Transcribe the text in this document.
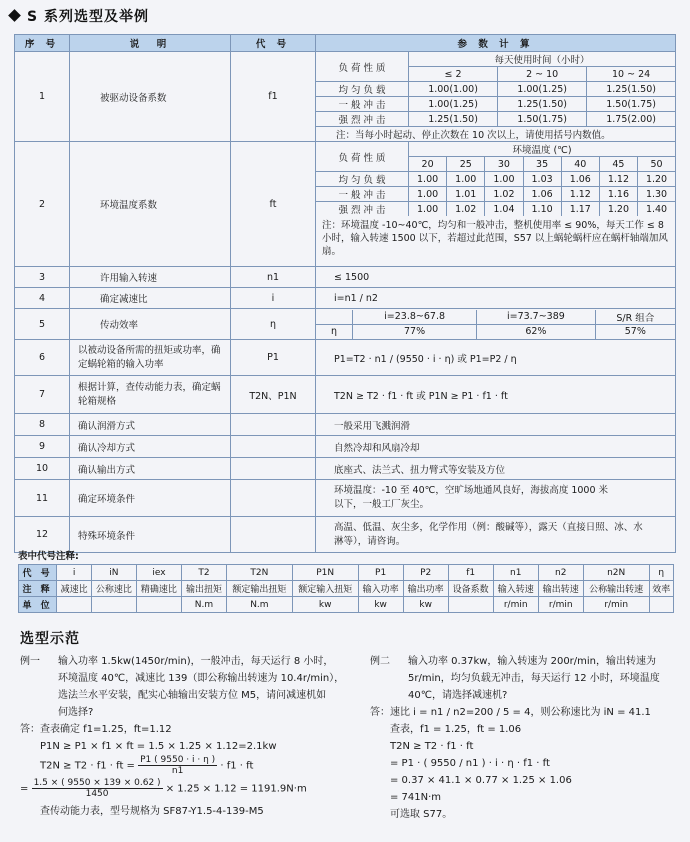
S 系列选型及举例
序 号	说　明	代 号	参 数 计 算
1	被驱动设备系数	f1	
负 荷 性 质	每天使用时间（小时）
≤ 2	2 ~ 10	10 ~ 24
均 匀 负 载	1.00(1.00)	1.00(1.25)	1.25(1.50)
一 般 冲 击	1.00(1.25)	1.25(1.50)	1.50(1.75)
强 烈 冲 击	1.25(1.50)	1.50(1.75)	1.75(2.00)
注：当每小时起动、停止次数在 10 次以上，请使用括号内数值。

2	环境温度系数	ft	
负 荷 性 质	环境温度 (℃)
20	25	30	35	40	45	50
均 匀 负 载	1.00	1.00	1.00	1.03	1.06	1.12	1.20
一 般 冲 击	1.00	1.01	1.02	1.06	1.12	1.16	1.30
强 烈 冲 击	1.00	1.02	1.04	1.10	1.17	1.20	1.40
注：环境温度 -10~40℃，均匀和一般冲击，整机使用率 ≤ 90%，每天工作 ≤ 8 小时，输入转速 1500 以下，若超过此范围，S57 以上蜗轮蜗杆应在蜗杆轴端加风扇。

3	许用输入转速	n1	≤ 1500
4	确定减速比	i	i=n1 / n2
5	传动效率	η	
	i=23.8~67.8	i=73.7~389	S/R 组合
η	77%	62%	57%

6	以被动设备所需的扭矩或功率，确定蜗轮箱的输入功率	P1	P1=T2 · n1 / (9550 · i · η) 或 P1=P2 / η
7	根据计算，查传动能力表，确定蜗轮箱规格	T2N、P1N	T2N ≥ T2 · f1 · ft 或 P1N ≥ P1 · f1 · ft
8	确认润滑方式		一般采用飞溅润滑
9	确认冷却方式		自然冷却和风扇冷却
10	确认输出方式		底座式、法兰式、扭力臂式等安装及方位
11	确定环境条件		环境温度：-10 至 40℃，空旷场地通风良好，海拔高度 1000 米以下，一般工厂灰尘。
12	特殊环境条件		高温、低温、灰尘多，化学作用（例：酸碱等），露天（直接日照、冰、水淋等），请咨询。
表中代号注释:
代 号	i	iN	iex	T2	T2N	P1N	P1	P2	f1	n1	n2	n2N	η
注 释	减速比	公称速比	精确速比	输出扭矩	额定输出扭矩	额定输入扭矩	输入功率	输出功率	设备系数	输入转速	输出转速	公称输出转速	效率
单 位				N.m	N.m	kw	kw	kw		r/min	r/min	r/min	
选型示范
例一	输入功率 1.5kw(1450r/min)，一般冲击，每天运行 8 小时，

环境温度 40℃，减速比 139（即公称输出转速为 10.4r/min），

选法兰水平安装，配实心轴输出安装方位 M5，请问减速机如

何选择?

答： 查表确定 f1=1.25，ft=1.12

P1N ≥ P1 × f1 × ft = 1.5 × 1.25 × 1.12=2.1kw

T2N ≥ T2 · f1 · ft = $\frac{P1 ( 9550 \cdot i \cdot \eta )}{n1} \cdot f1$ · ft

= $\frac{1.5 \times ( 9550 \times 139 \times 0.62 )}{1450} \times 1.25 \times 1.12 = 1191.9N\cdot m$

查传动能力表，型号规格为 SF87-Y1.5-4-139-M5

例二	输入功率 0.37kw，输入转速为 200r/min，输出转速为

5r/min，均匀负载无冲击，每天运行 12 小时，环境温度

40℃，请选择减速机?

答： 速比 i = n1 / n2=200 / 5 = 4，则公称速比为 iN = 41.1

查表，f1 = 1.25，ft = 1.06

T2N ≥ T2 · f1 · ft

= P1 · ( 9550 / n1 ) · i · η · f1 · ft

= 0.37 × 41.1 × 0.77 × 1.25 × 1.06

= 741N·m

可选取 S77。
